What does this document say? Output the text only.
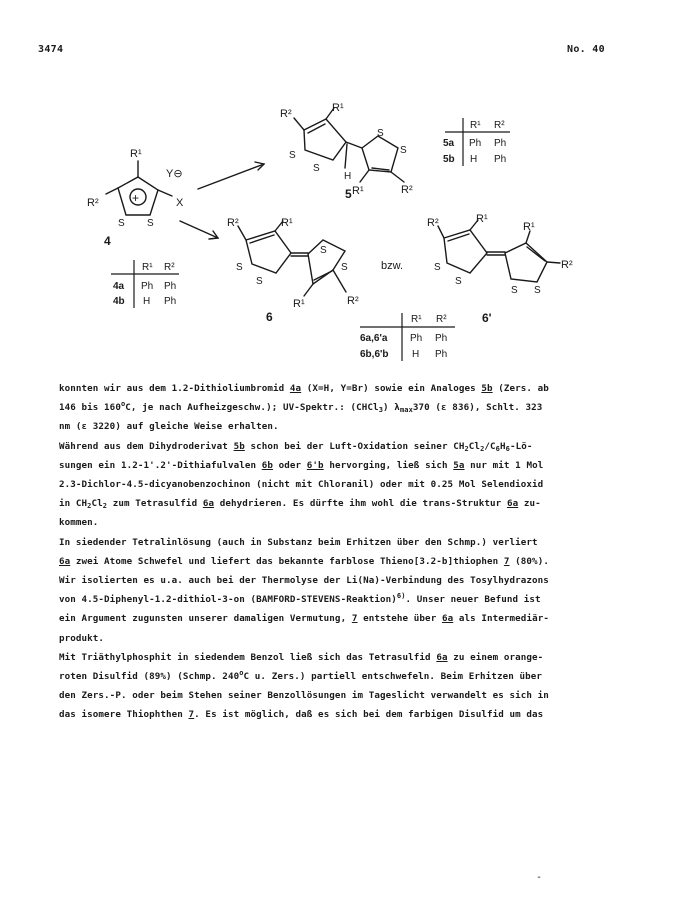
3474	No. 40
R¹
Y⊖
R²	+	X
S S
4
R²	R¹
S
S
H
S
S
5 R¹	R²
R¹ R²
5a Ph Ph
5b H Ph
R¹ R²
4a Ph Ph
4b H Ph
R²	R¹
S
S
S
S
R¹	R²
6
bzw.
R²	R¹
R¹
S
S
R²
S S
6'
R¹ R²
6a,6'a Ph Ph
6b,6'b H Ph

konnten wir aus dem 1.2-Dithioliumbromid 4a (X=H, Y=Br) sowie ein Analoges 5b (Zers. ab

146 bis 160$^o$C, je nach Aufheizgeschw.); UV-Spektr.: (CHCl$_3$) $\lambda_{max}370$ (ε 836), Schlt. 323

nm (ε 3220) auf gleiche Weise erhalten.

Während aus dem Dihydroderivat 5b schon bei der Luft-Oxidation seiner $CH_2Cl_2/C_6H_6-Lö-$

sungen ein 1.2-1'.2'-Dithiafulvalen 6b oder 6'b hervorging, ließ sich 5a nur mit 1 Mol

2.3-Dichlor-4.5-dicyanobenzochinon (nicht mit Chloranil) oder mit 0.25 Mol Selendioxid

in $CH_2Cl_2$ zum Tetrasulfid 6a dehydrieren. Es dürfte ihm wohl die trans-Struktur 6a zu-

kommen.

In siedender Tetralinlösung (auch in Substanz beim Erhitzen über den Schmp.) verliert

6a zwei Atome Schwefel und liefert das bekannte farblose Thieno[3.2-b]thiophen 7 (80%).

Wir isolierten es u.a. auch bei der Thermolyse der Li(Na)-Verbindung des Tosylhydrazons

von 4.5-Diphenyl-1.2-dithiol-3-on (BAMFORD-STEVENS-Reaktion)$^{6)}$. Unser neuer Befund ist

ein Argument zugunsten unserer damaligen Vermutung, 7 entstehe über 6a als Intermediär-

produkt.

Mit Triäthylphosphit in siedendem Benzol ließ sich das Tetrasulfid 6a zu einem orange-

roten Disulfid (89%) (Schmp. 240$^o$C u. Zers.) partiell entschwefeln. Beim Erhitzen über

den Zers.-P. oder beim Stehen seiner Benzollösungen im Tageslicht verwandelt es sich in

das isomere Thiophthen 7. Es ist möglich, daß es sich bei dem farbigen Disulfid um das

-
